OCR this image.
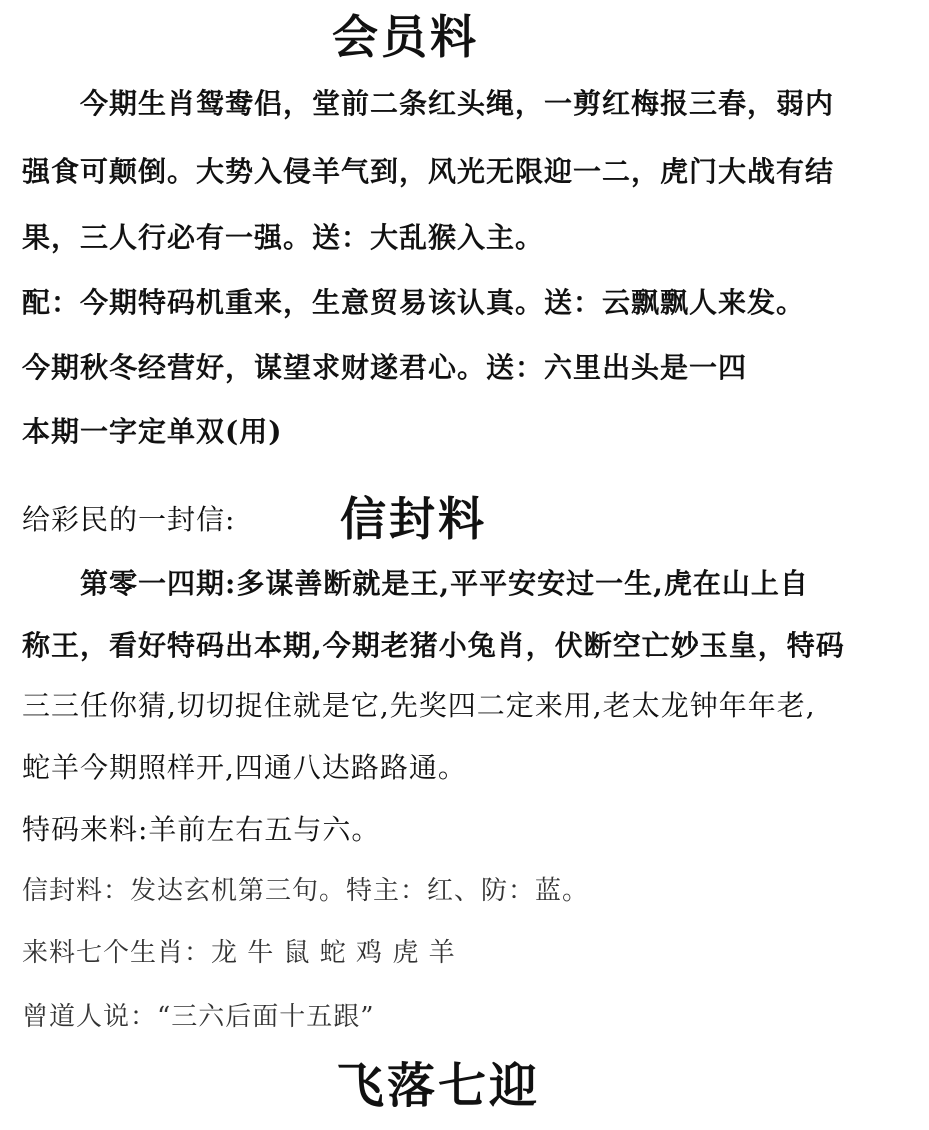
会员料
今期生肖鸳鸯侣，堂前二条红头绳，一剪红梅报三春，弱内
强食可颠倒。大势入侵羊气到，风光无限迎一二，虎门大战有结
果，三人行必有一强。送：大乱猴入主。
配：今期特码机重来，生意贸易该认真。送：云飘飘人来发。
今期秋冬经营好，谋望求财遂君心。送：六里出头是一四
本期一字定单双(用)
给彩民的一封信: 信封料
第零一四期:多谋善断就是王,平平安安过一生,虎在山上自
称王，看好特码出本期,今期老猪小兔肖，伏断空亡妙玉皇，特码
三三任你猜,切切捉住就是它,先奖四二定来用,老太龙钟年年老,
蛇羊今期照样开,四通八达路路通。
特码来料:羊前左右五与六。
信封料：发达玄机第三句。特主：红、防：蓝。
来料七个生肖：龙 牛 鼠 蛇 鸡 虎 羊
曾道人说：“三六后面十五跟”
飞落七迎
